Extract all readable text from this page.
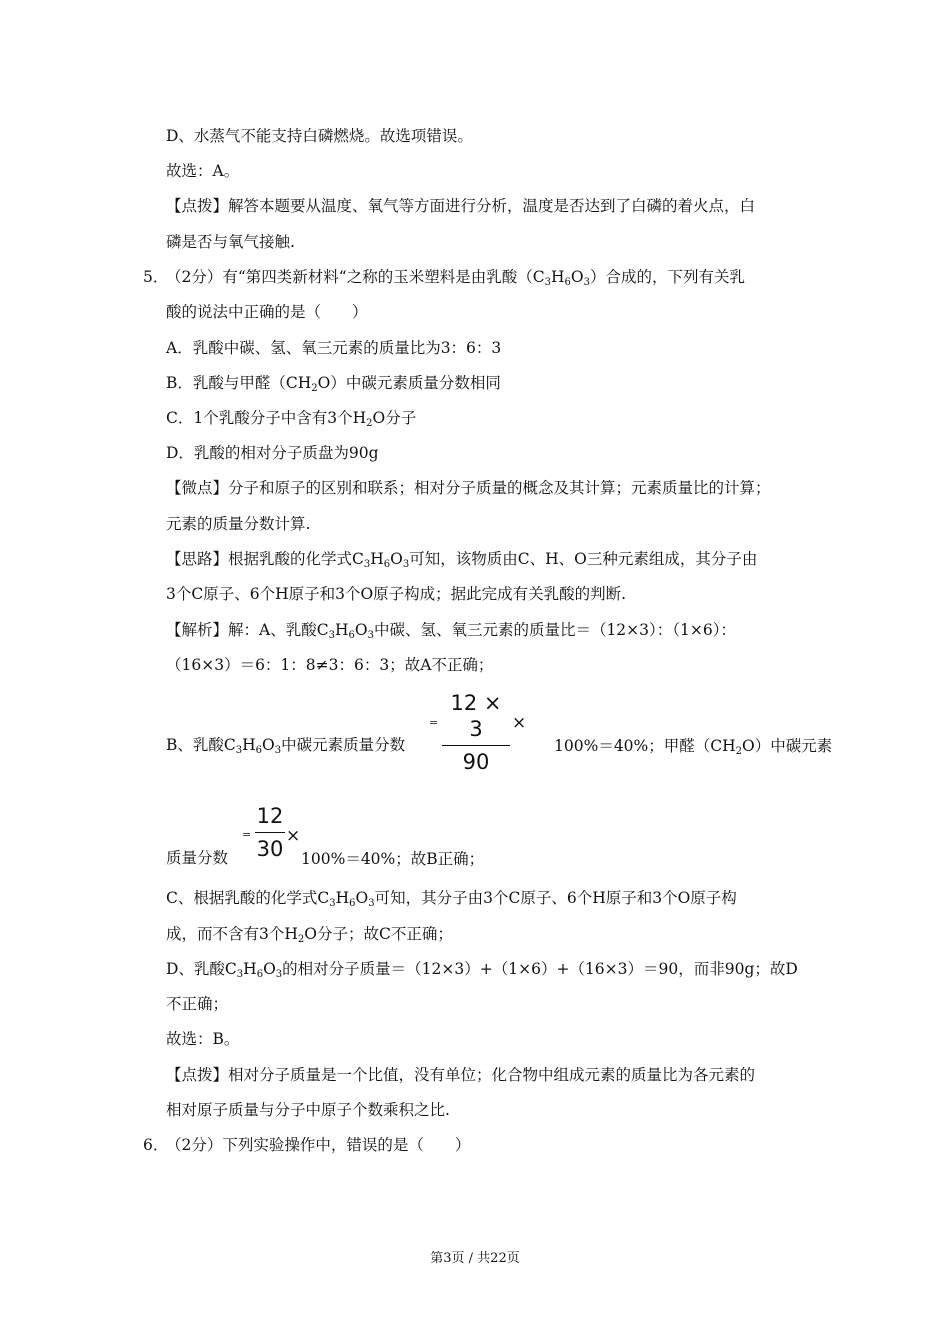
D、水蒸气不能支持白磷燃烧。故选项错误。
故选：A。
【点拨】解答本题要从温度、氧气等方面进行分析，温度是否达到了白磷的着火点，白
磷是否与氧气接触.
5．
（2分）有“第四类新材料“之称的玉米塑料是由乳酸$(C_3H_6O_3)$合成的，下列有关乳
酸的说法中正确的是（　　）
A．乳酸中碳、氢、氧三元素的质量比为3：6：3
B．乳酸与甲醛$(CH_2O)$中碳元素质量分数相同
C．1个乳酸分子中含有3个$H_2O$分子
D．乳酸的相对分子质盘为90g
【微点】分子和原子的区别和联系；相对分子质量的概念及其计算；元素质量比的计算；
元素的质量分数计算.
【思路】根据乳酸的化学式$C_3H_6O_3$可知，该物质由C、H、O三种元素组成，其分子由
3个C原子、6个H原子和3个O原子构成；据此完成有关乳酸的判断.
【解析】解：A、乳酸$C_3H_6O_3$中碳、氢、氧三元素的质量比＝（12×3）：（1×6）：
（16×3）＝6：1：8≠3：6：3；故A不正确；
=
12 × 3
90
×
B、乳酸$C_3H_6O_3$中碳元素质量分数	100%＝40%；甲醛$(CH_2O)$中碳元素
=
12
30
×
质量分数	100%＝40%；故B正确；
C、根据乳酸的化学式$C_3H_6O_3$可知，其分子由3个C原子、6个H原子和3个O原子构
成，而不含有3个$H_2O$分子；故C不正确；
D、乳酸$C_3H_6O_3$的相对分子质量＝（12×3）+（1×6）+（16×3）＝90，而非90g；故D
不正确；
故选：B。
【点拨】相对分子质量是一个比值，没有单位；化合物中组成元素的质量比为各元素的
相对原子质量与分子中原子个数乘积之比.
6．
（2分）下列实验操作中，错误的是（　　）
第3页 / 共22页
